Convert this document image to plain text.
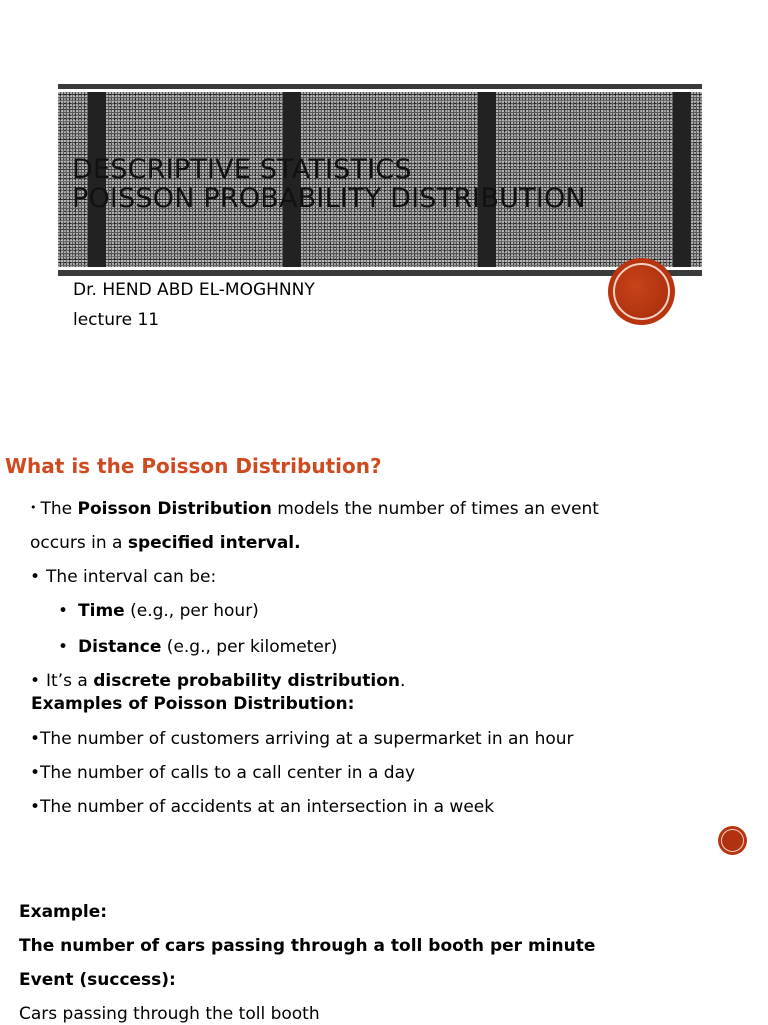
DESCRIPTIVE STATISTICS
POISSON PROBABILITY DISTRIBUTION
Dr. HEND ABD EL-MOGHNNY
lecture 11
What is the Poisson Distribution?
• The Poisson Distribution models the number of times an event
occurs in a specified interval.
• The interval can be:
• Time (e.g., per hour)
• Distance (e.g., per kilometer)
• It’s a discrete probability distribution.
Examples of Poisson Distribution:
•The number of customers arriving at a supermarket in an hour
•The number of calls to a call center in a day
•The number of accidents at an intersection in a week
Example:
The number of cars passing through a toll booth per minute
Event (success):
Cars passing through the toll booth
